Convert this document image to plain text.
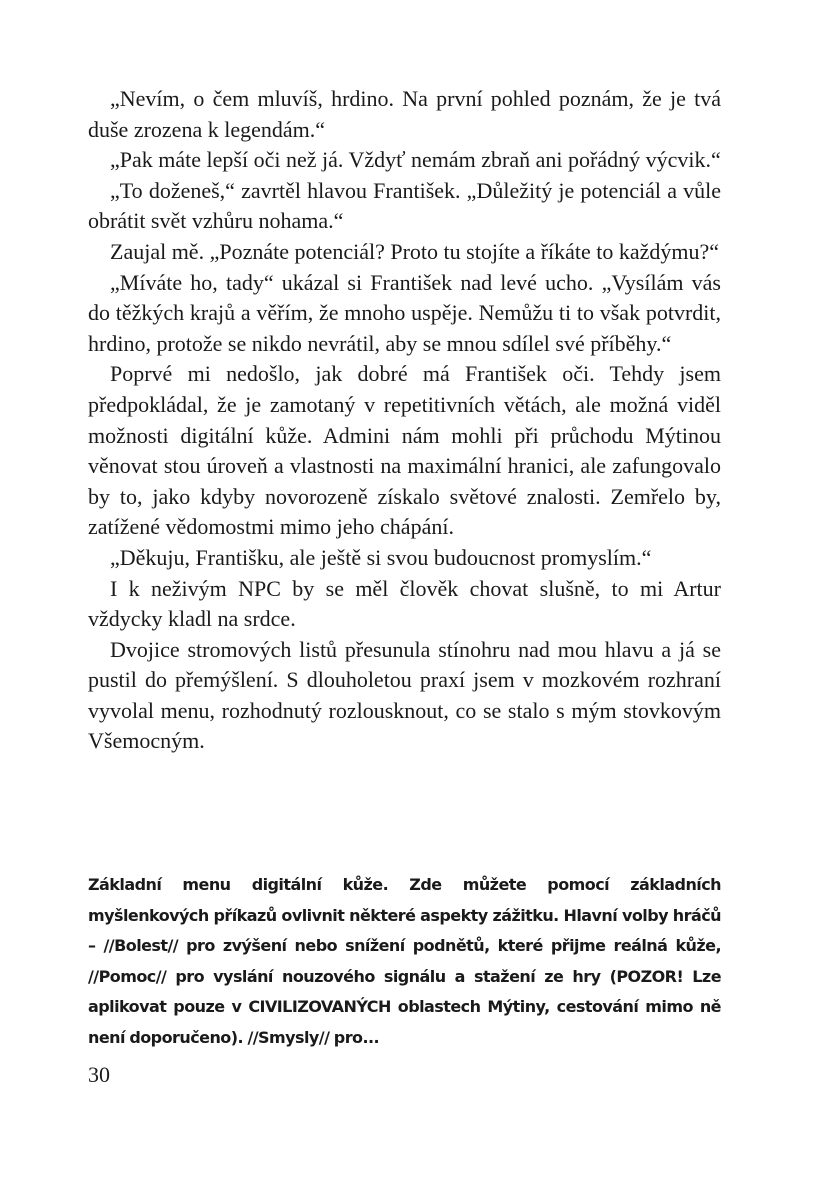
„Nevím, o čem mluvíš, hrdino. Na první pohled poznám, že je tvá duše zrozena k legendám.“

„Pak máte lepší oči než já. Vždyť nemám zbraň ani pořádný výcvik.“

„To doženeš,“ zavrtěl hlavou František. „Důležitý je potenciál a vůle obrátit svět vzhůru nohama.“

Zaujal mě. „Poznáte potenciál? Proto tu stojíte a říkáte to každýmu?“

„Míváte ho, tady“ ukázal si František nad levé ucho. „Vysílám vás do těžkých krajů a věřím, že mnoho uspěje. Nemůžu ti to však potvrdit, hrdino, protože se nikdo nevrátil, aby se mnou sdílel své příběhy.“

Poprvé mi nedošlo, jak dobré má František oči. Tehdy jsem předpokládal, že je zamotaný v repetitivních větách, ale možná viděl možnosti digitální kůže. Admini nám mohli při průchodu Mýtinou věnovat stou úroveň a vlastnosti na maximální hranici, ale zafungovalo by to, jako kdyby novorozeně získalo světové znalosti. Zemřelo by, zatížené vědomostmi mimo jeho chápání.

„Děkuju, Františku, ale ještě si svou budoucnost promyslím.“

I k neživým NPC by se měl člověk chovat slušně, to mi Artur vždycky kladl na srdce.

Dvojice stromových listů přesunula stínohru nad mou hlavu a já se pustil do přemýšlení. S dlouholetou praxí jsem v mozkovém rozhraní vyvolal menu, rozhodnutý rozlousknout, co se stalo s mým stovkovým Všemocným.

Základní menu digitální kůže. Zde můžete pomocí základních myšlenkových příkazů ovlivnit některé aspekty zážitku. Hlavní volby hráčů – //Bolest// pro zvýšení nebo snížení podnětů, které přijme reálná kůže, //Pomoc// pro vyslání nouzového signálu a stažení ze hry (POZOR! Lze aplikovat pouze v CIVILIZOVANÝCH oblastech Mýtiny, cestování mimo ně není doporučeno). //Smysly// pro...

30
